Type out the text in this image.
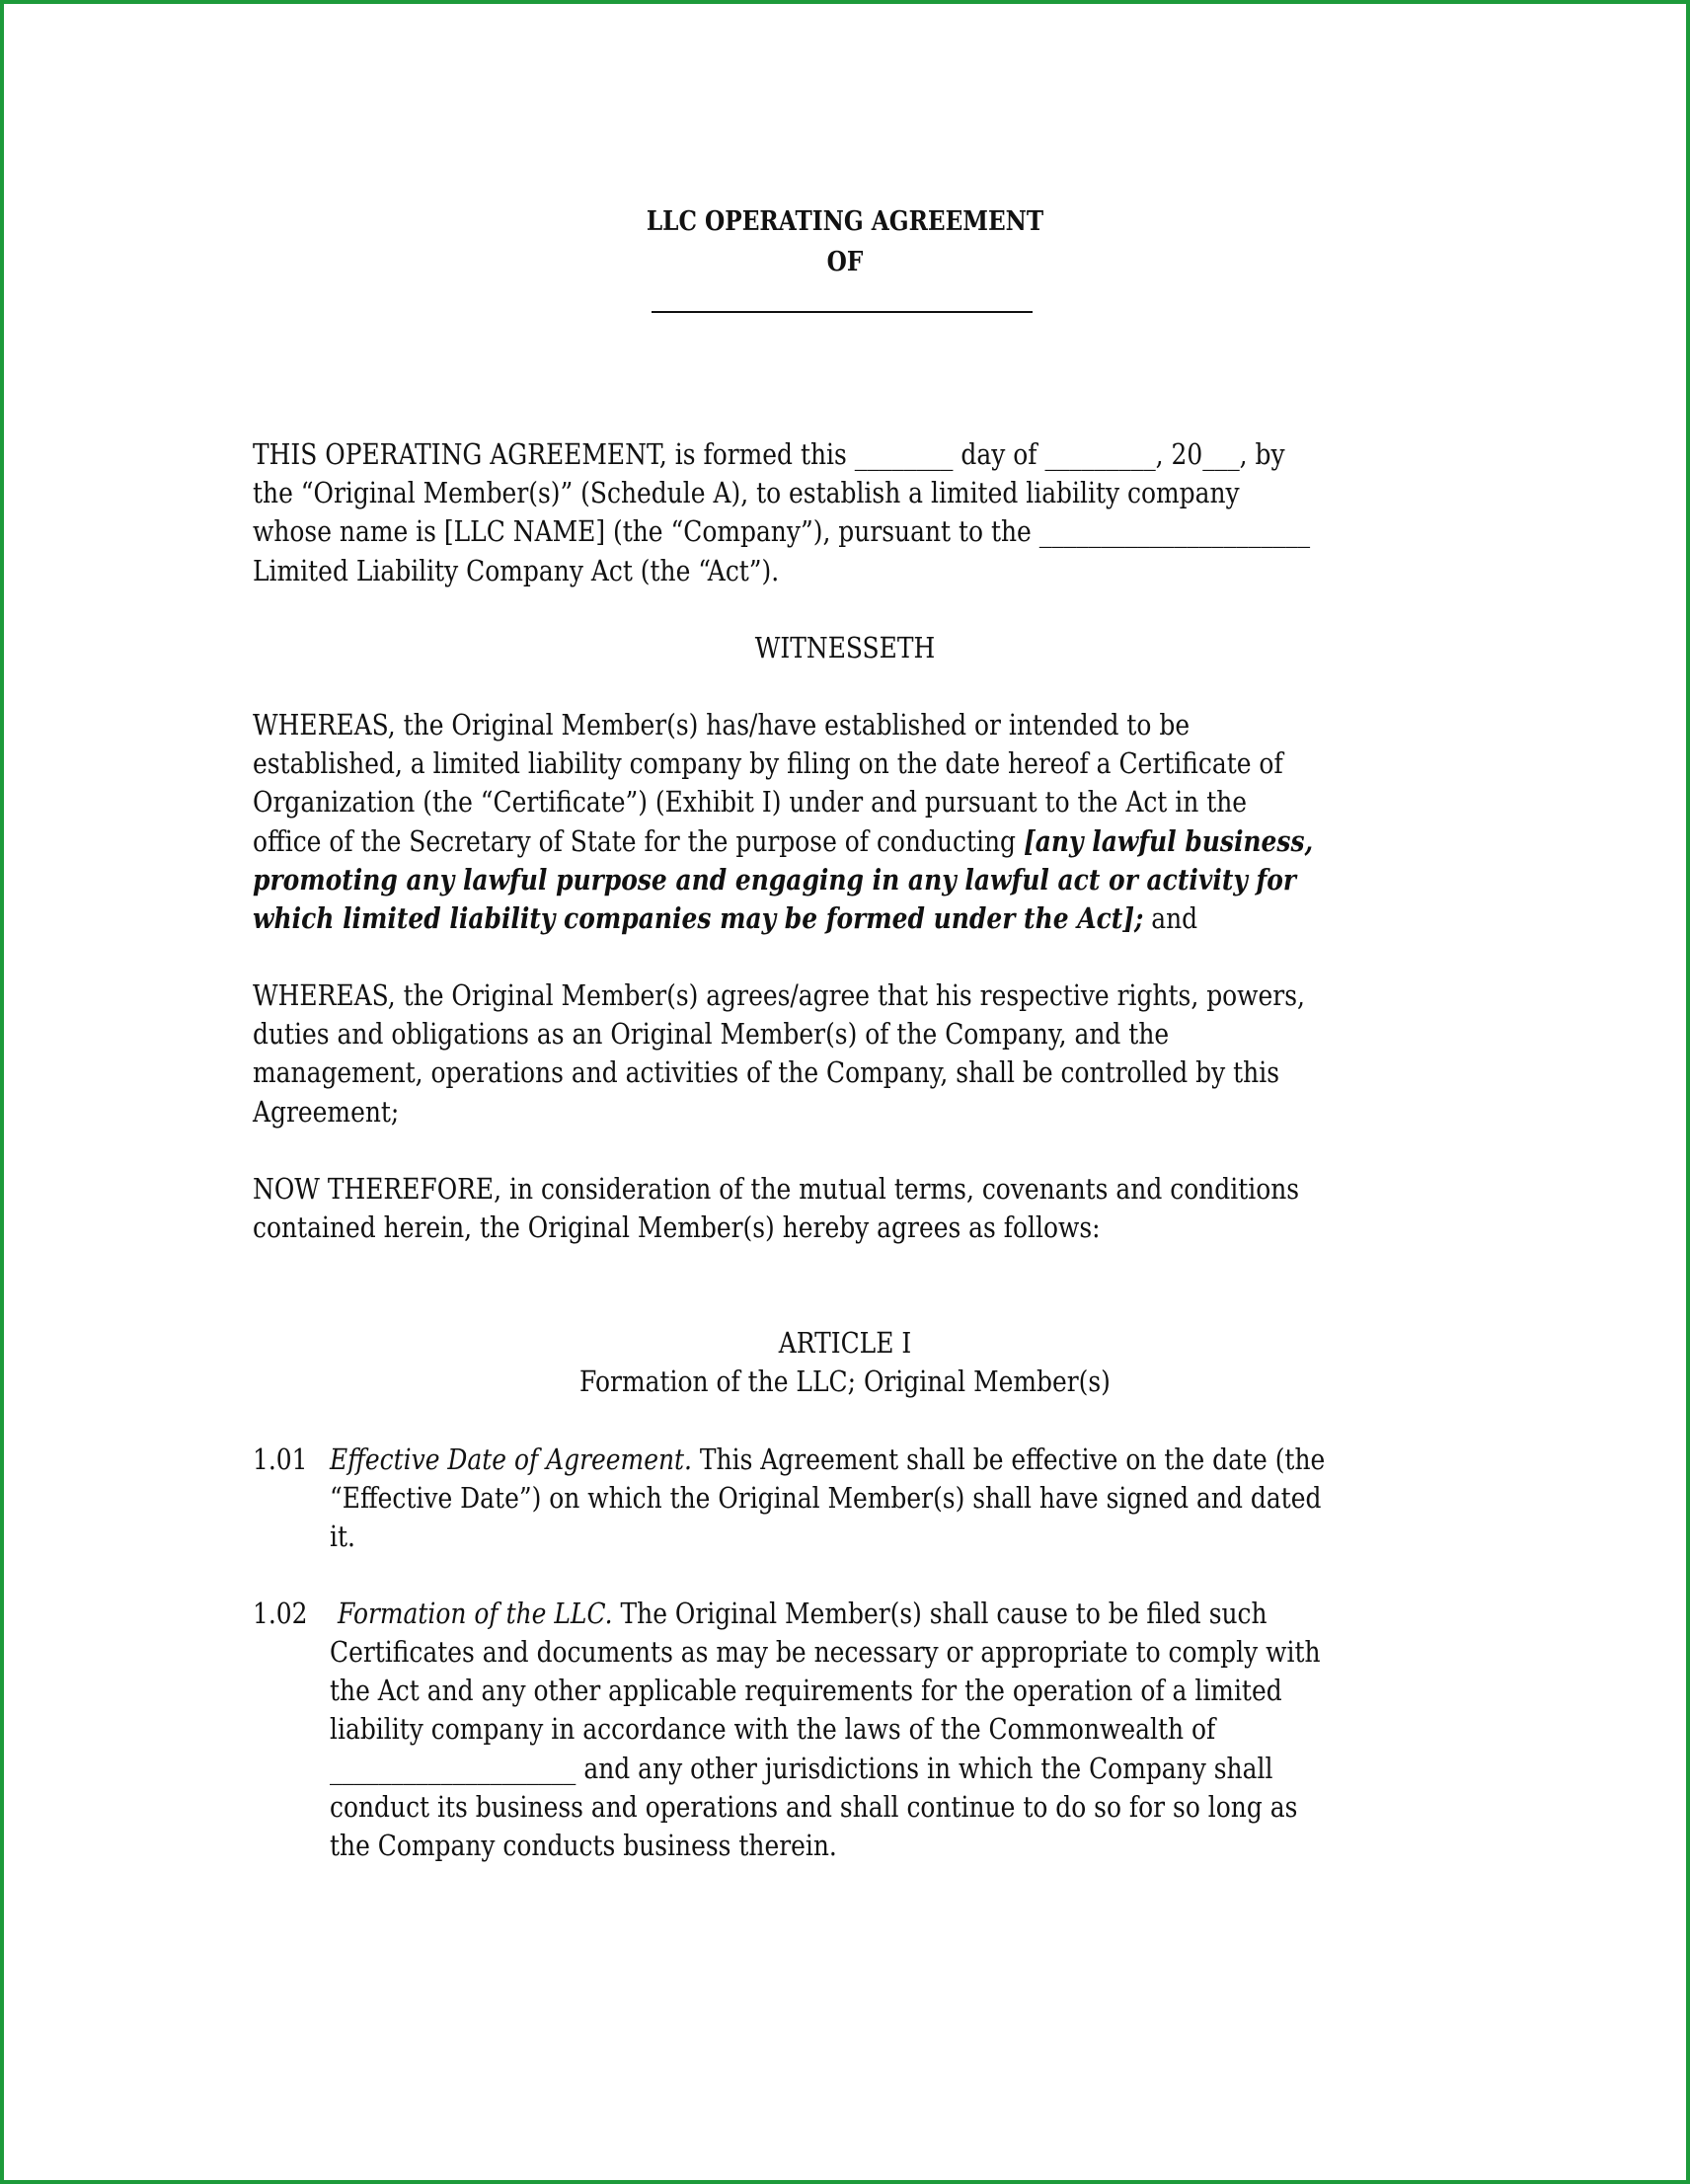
LLC OPERATING AGREEMENT
OF
THIS OPERATING AGREEMENT, is formed this ________ day of _________, 20___, by
the “Original Member(s)” (Schedule A), to establish a limited liability company
whose name is [LLC NAME] (the “Company”), pursuant to the ______________________
Limited Liability Company Act (the “Act”).
WITNESSETH
WHEREAS, the Original Member(s) has/have established or intended to be
established, a limited liability company by filing on the date hereof a Certificate of
Organization (the “Certificate”) (Exhibit I) under and pursuant to the Act in the
office of the Secretary of State for the purpose of conducting [any lawful business,
promoting any lawful purpose and engaging in any lawful act or activity for
which limited liability companies may be formed under the Act]; and
WHEREAS, the Original Member(s) agrees/agree that his respective rights, powers,
duties and obligations as an Original Member(s) of the Company, and the
management, operations and activities of the Company, shall be controlled by this
Agreement;
NOW THEREFORE, in consideration of the mutual terms, covenants and conditions
contained herein, the Original Member(s) hereby agrees as follows:
ARTICLE I
Formation of the LLC; Original Member(s)
1.01 Effective Date of Agreement. This Agreement shall be effective on the date (the
“Effective Date”) on which the Original Member(s) shall have signed and dated
it.
1.02 Formation of the LLC. The Original Member(s) shall cause to be filed such
Certificates and documents as may be necessary or appropriate to comply with
the Act and any other applicable requirements for the operation of a limited
liability company in accordance with the laws of the Commonwealth of
____________________ and any other jurisdictions in which the Company shall
conduct its business and operations and shall continue to do so for so long as
the Company conducts business therein.
